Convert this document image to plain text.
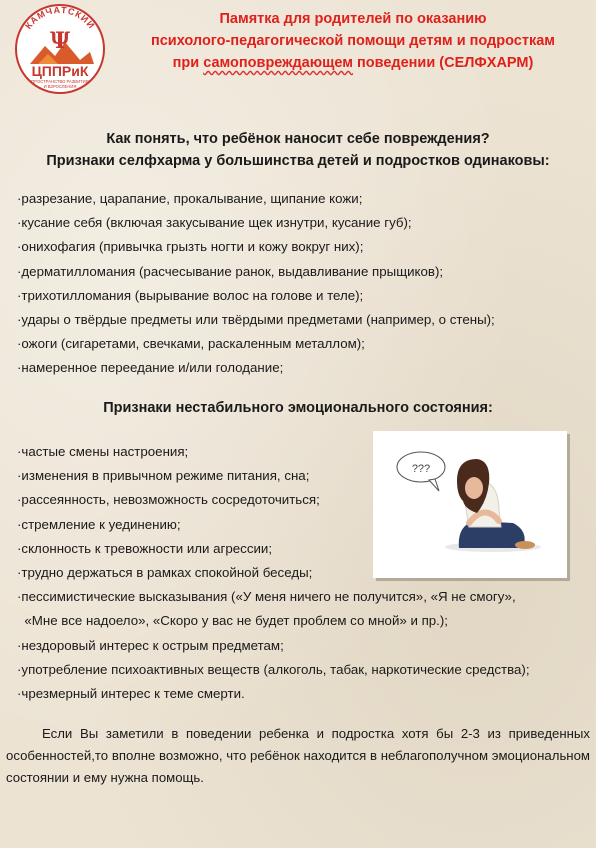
КАМЧАТСКИЙ
Ψ
ЦППРиК
ПРОСТРАНСТВО РАЗВИТИЯ
И ВЗРОСЛЕНИЯ
Памятка для родителей по оказанию
психолого-педагогической помощи детям и подросткам
при самоповреждающем поведении (СЕЛФХАРМ)
Как понять, что ребёнок наносит себе повреждения?
Признаки селфхарма у большинства детей и подростков одинаковы:
·разрезание, царапание, прокалывание, щипание кожи;
·кусание себя (включая закусывание щек изнутри, кусание губ);
·онихофагия (привычка грызть ногти и кожу вокруг них);
·дерматилломания (расчесывание ранок, выдавливание прыщиков);
·трихотилломания (вырывание волос на голове и теле);
·удары о твёрдые предметы или твёрдыми предметами (например, о стены);
·ожоги (сигаретами, свечками, раскаленным металлом);
·намеренное переедание и/или голодание;
Признаки нестабильного эмоционального состояния:
·частые смены настроения;
·изменения в привычном режиме питания, сна;
·рассеянность, невозможность сосредоточиться;
·стремление к уединению;
·склонность к тревожности или агрессии;
·трудно держаться в рамках спокойной беседы;
·пессимистические высказывания («У меня ничего не получится», «Я не смогу»,
«Мне все надоело», «Скоро у вас не будет проблем со мной» и пр.);
·нездоровый интерес к острым предметам;
·употребление психоактивных веществ (алкоголь, табак, наркотические средства);
·чрезмерный интерес к теме смерти.
???
Если Вы заметили в поведении ребенка и подростка хотя бы 2-3 из приведенных особенностей,то вполне возможно, что ребёнок находится в неблагополучном эмоциональном состоянии и ему нужна помощь.
